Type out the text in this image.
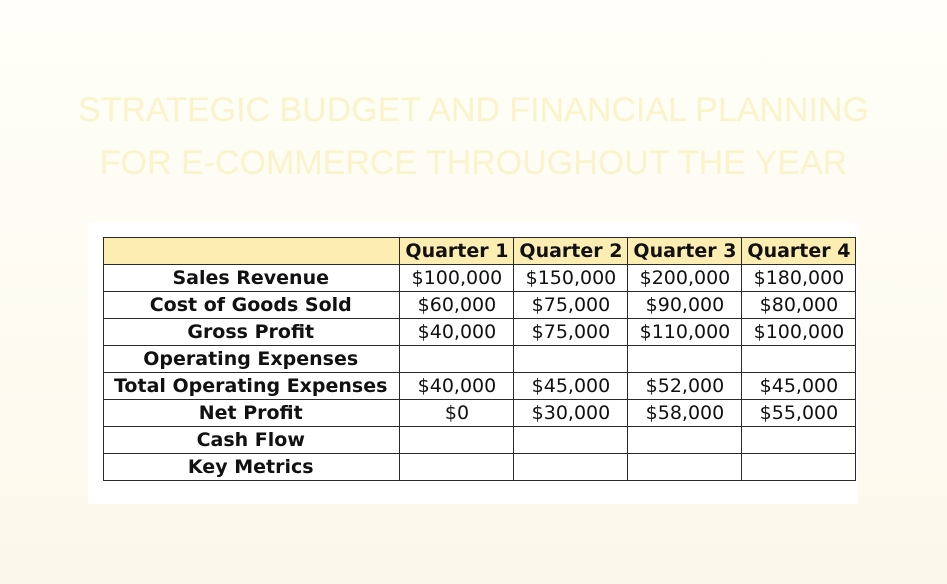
STRATEGIC BUDGET AND FINANCIAL PLANNING
FOR E-COMMERCE THROUGHOUT THE YEAR
	Quarter 1	Quarter 2	Quarter 3	Quarter 4
Sales Revenue	$100,000	$150,000	$200,000	$180,000
Cost of Goods Sold	$60,000	$75,000	$90,000	$80,000
Gross Profit	$40,000	$75,000	$110,000	$100,000
Operating Expenses				
Total Operating Expenses	$40,000	$45,000	$52,000	$45,000
Net Profit	$0	$30,000	$58,000	$55,000
Cash Flow				
Key Metrics				
